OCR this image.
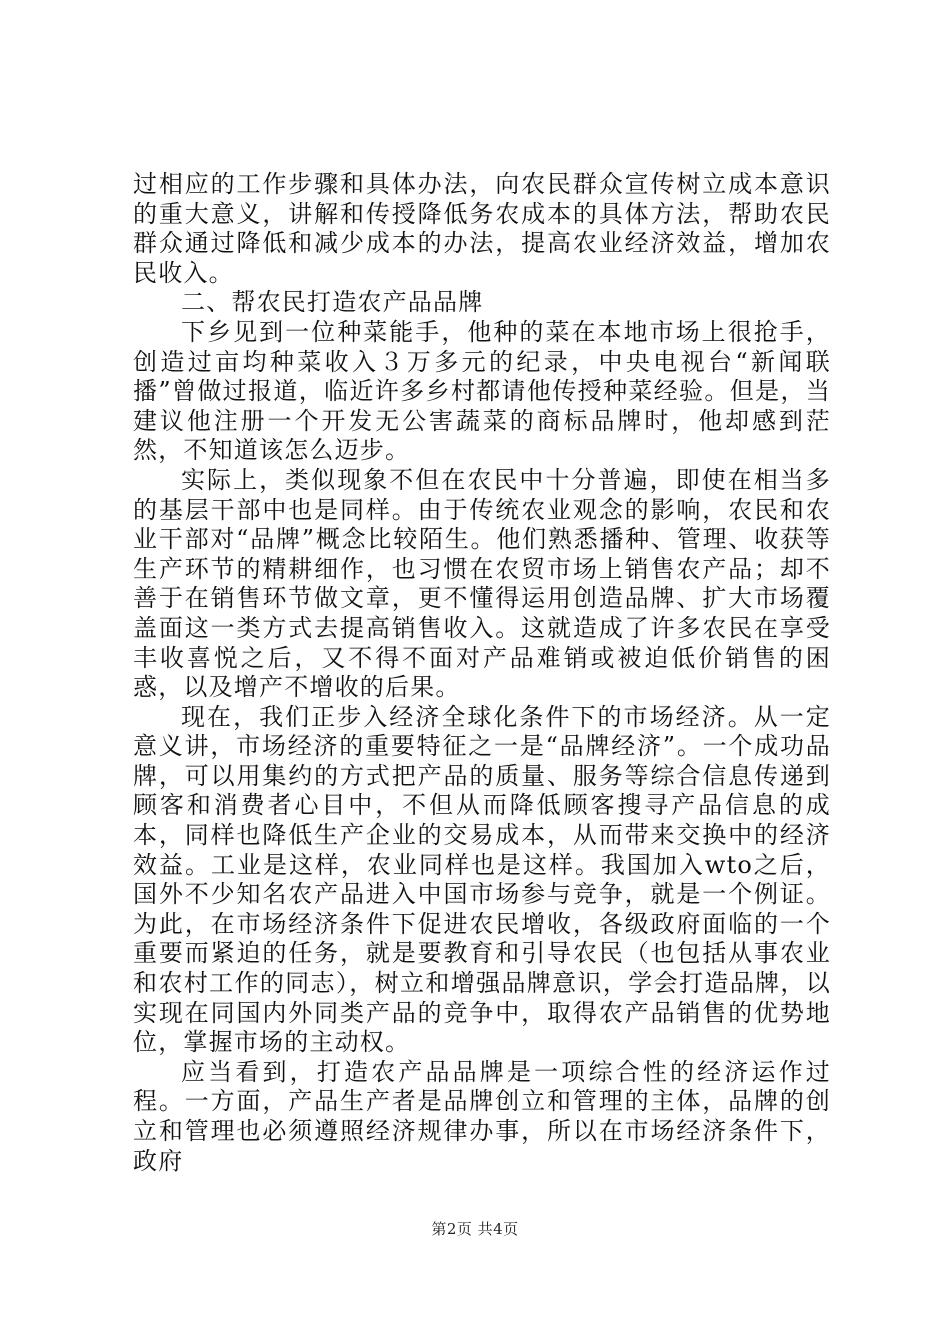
过相应的工作步骤和具体办法，向农民群众宣传树立成本意识的重大意义，讲解和传授降低务农成本的具体方法，帮助农民群众通过降低和减少成本的办法，提高农业经济效益，增加农民收入。

二、帮农民打造农产品品牌

下乡见到一位种菜能手，他种的菜在本地市场上很抢手，创造过亩均种菜收入３万多元的纪录，中央电视台“新闻联播”曾做过报道，临近许多乡村都请他传授种菜经验。但是，当建议他注册一个开发无公害蔬菜的商标品牌时，他却感到茫然，不知道该怎么迈步。

实际上，类似现象不但在农民中十分普遍，即使在相当多的基层干部中也是同样。由于传统农业观念的影响，农民和农业干部对“品牌”概念比较陌生。他们熟悉播种、管理、收获等生产环节的精耕细作，也习惯在农贸市场上销售农产品；却不善于在销售环节做文章，更不懂得运用创造品牌、扩大市场覆盖面这一类方式去提高销售收入。这就造成了许多农民在享受丰收喜悦之后，又不得不面对产品难销或被迫低价销售的困惑，以及增产不增收的后果。

现在，我们正步入经济全球化条件下的市场经济。从一定意义讲，市场经济的重要特征之一是“品牌经济”。一个成功品牌，可以用集约的方式把产品的质量、服务等综合信息传递到顾客和消费者心目中，不但从而降低顾客搜寻产品信息的成本，同样也降低生产企业的交易成本，从而带来交换中的经济效益。工业是这样，农业同样也是这样。我国加入wto之后，国外不少知名农产品进入中国市场参与竞争，就是一个例证。为此，在市场经济条件下促进农民增收，各级政府面临的一个重要而紧迫的任务，就是要教育和引导农民（也包括从事农业和农村工作的同志），树立和增强品牌意识，学会打造品牌，以实现在同国内外同类产品的竞争中，取得农产品销售的优势地位，掌握市场的主动权。

应当看到，打造农产品品牌是一项综合性的经济运作过程。一方面，产品生产者是品牌创立和管理的主体，品牌的创立和管理也必须遵照经济规律办事，所以在市场经济条件下，政府

第2页 共4页
